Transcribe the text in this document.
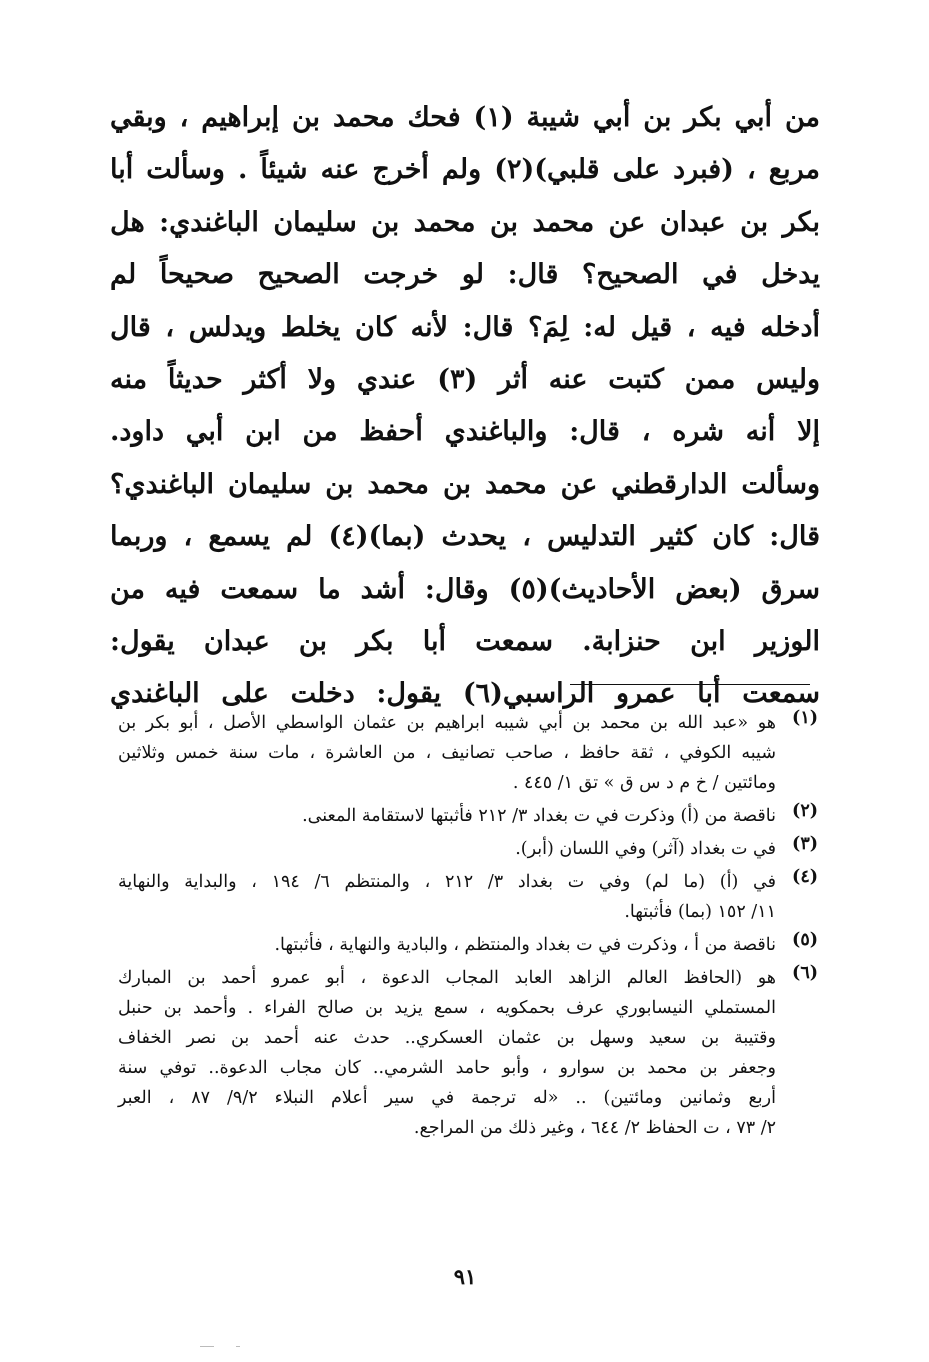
من أبي بكر بن أبي شيبة (١) فحك محمد بن إبراهيم ، وبقي
مربع ، (فبرد على قلبي)(٢) ولم أخرج عنه شيئاً . وسألت أبا
بكر بن عبدان عن محمد بن محمد بن سليمان الباغندي: هل
يدخل في الصحيح؟ قال: لو خرجت الصحيح صحيحاً لم
أدخله فيه ، قيل له: لِمَ؟ قال: لأنه كان يخلط ويدلس ، قال
وليس ممن كتبت عنه أثر (٣) عندي ولا أكثر حديثاً منه
إلا أنه شره ، قال: والباغندي أحفظ من ابن أبي داود.
وسألت الدارقطني عن محمد بن محمد بن سليمان الباغندي؟
قال: كان كثير التدليس ، يحدث (بما)(٤) لم يسمع ، وربما
سرق (بعض الأحاديث)(٥) وقال: أشد ما سمعت فيه من
الوزير ابن حنزابة. سمعت أبا بكر بن عبدان يقول:
سمعت أبا عمرو الراسبي(٦) يقول: دخلت على الباغندي
(١)
هو «عبد الله بن محمد بن أبي شيبه ابراهيم بن عثمان الواسطي الأصل ، أبو بكر بن
شيبه الكوفي ، ثقة حافظ ، صاحب تصانيف ، من العاشرة ، مات سنة خمس وثلاثين
ومائتين / خ م د س ق » تق ١/ ٤٤٥ .
(٢)
ناقصة من (أ) وذكرت في ت بغداد ٣/ ٢١٢ فأثبتها لاستقامة المعنى.
(٣)
في ت بغداد (آثر) وفي اللسان (أبر).
(٤)
في (أ) (ما لم) وفي ت بغداد ٣/ ٢١٢ ، والمنتظم ٦/ ١٩٤ ، والبداية والنهاية
١١/ ١٥٢ (بما) فأثبتها.
(٥)
ناقصة من أ ، وذكرت في ت بغداد والمنتظم ، والبادية والنهاية ، فأثبتها.
(٦)
هو (الحافظ العالم الزاهد العابد المجاب الدعوة ، أبو عمرو أحمد بن المبارك
المستملي النيسابوري عرف بحمكويه ، سمع يزيد بن صالح الفراء . وأحمد بن حنبل
وقتيبة بن سعيد وسهل بن عثمان العسكري.. حدث عنه أحمد بن نصر الخفاف
وجعفر بن محمد بن سوارو ، وأبو حامد الشرمي.. كان مجاب الدعوة.. توفي سنة
أربع وثمانين ومائتين) .. «له ترجمة في سير أعلام النبلاء ٩/٢/ ٨٧ ، العبر
٢/ ٧٣ ، ت الحفاظ ٢/ ٦٤٤ ، وغير ذلك من المراجع.
٩١
